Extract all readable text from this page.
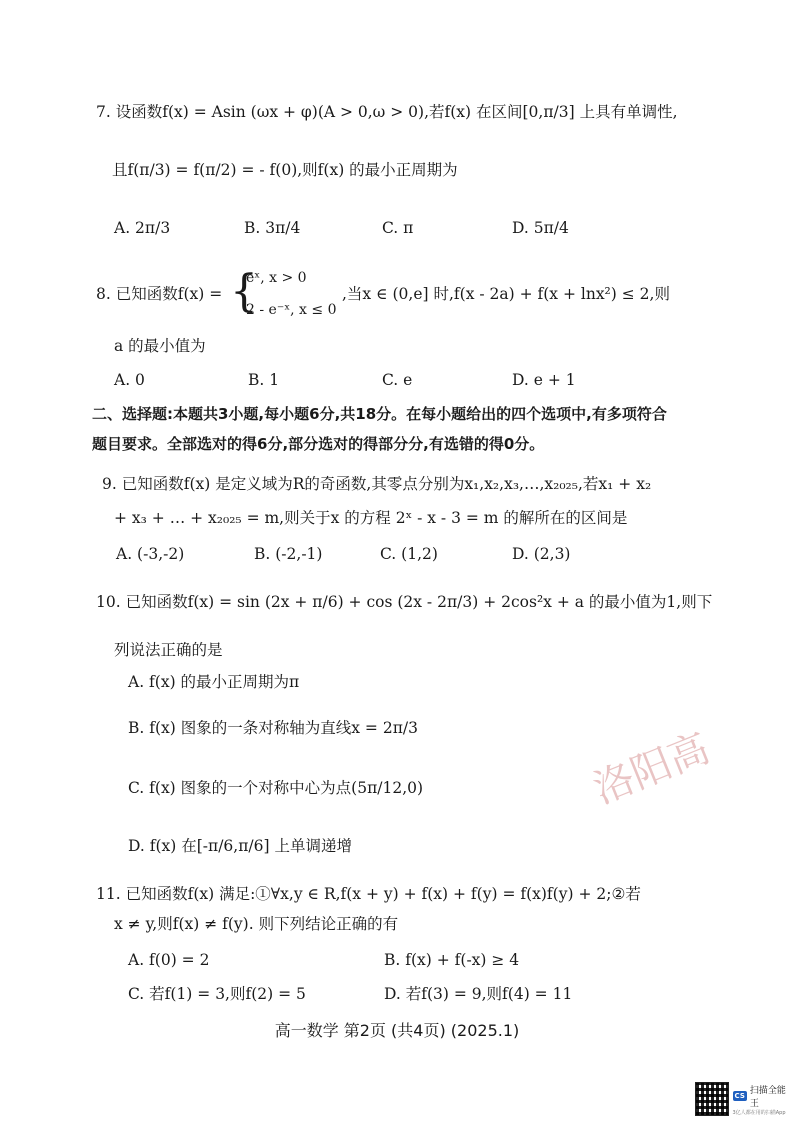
7. 设函数f(x) = Asin (ωx + φ)(A > 0,ω > 0),若f(x) 在区间[0,π/3] 上具有单调性,
且f(π/3) = f(π/2) = - f(0),则f(x) 的最小正周期为
A. 2π/3	B. 3π/4	C. π	D. 5π/4
8. 已知函数f(x) = {
eˣ, x > 0
2 - e⁻ˣ, x ≤ 0
,当x ∈ (0,e] 时,f(x - 2a) + f(x + lnx²) ≤ 2,则
a 的最小值为
A. 0	B. 1	C. e	D. e + 1
二、选择题:本题共3小题,每小题6分,共18分。在每小题给出的四个选项中,有多项符合
题目要求。全部选对的得6分,部分选对的得部分分,有选错的得0分。
9. 已知函数f(x) 是定义域为R的奇函数,其零点分别为x₁,x₂,x₃,…,x₂₀₂₅,若x₁ + x₂
+ x₃ + … + x₂₀₂₅ = m,则关于x 的方程 2ˣ - x - 3 = m 的解所在的区间是
A. (-3,-2)	B. (-2,-1)	C. (1,2)	D. (2,3)
10. 已知函数f(x) = sin (2x + π/6) + cos (2x - 2π/3) + 2cos²x + a 的最小值为1,则下
列说法正确的是
A. f(x) 的最小正周期为π
B. f(x) 图象的一条对称轴为直线x = 2π/3
C. f(x) 图象的一个对称中心为点(5π/12,0)
D. f(x) 在[-π/6,π/6] 上单调递增
11. 已知函数f(x) 满足:①∀x,y ∈ R,f(x + y) + f(x) + f(y) = f(x)f(y) + 2;②若
x ≠ y,则f(x) ≠ f(y). 则下列结论正确的有
A. f(0) = 2	B. f(x) + f(-x) ≥ 4
C. 若f(1) = 3,则f(2) = 5	D. 若f(3) = 9,则f(4) = 11
高一数学 第2页 (共4页) (2025.1)
洛阳高
CS 扫描全能王
3亿人都在用的扫描App
